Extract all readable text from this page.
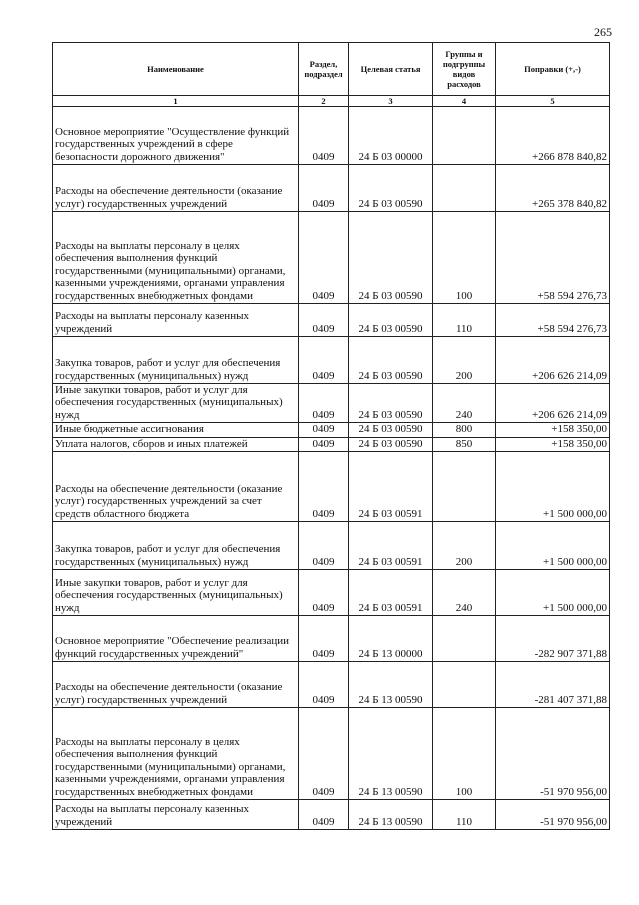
265
Наименование	Раздел, подраздел	Целевая статья	Группы и подгруппы видов расходов	Поправки (+,-)
1	2	3	4	5
Основное мероприятие "Осуществление функций государственных учреждений в сфере безопасности дорожного движения"	0409	24 Б 03 00000		+266 878 840,82
Расходы на обеспечение деятельности (оказание услуг) государственных учреждений	0409	24 Б 03 00590		+265 378 840,82
Расходы на выплаты персоналу в целях обеспечения выполнения функций государственными (муниципальными) органами, казенными учреждениями, органами управления государственных внебюджетных фондами	0409	24 Б 03 00590	100	+58 594 276,73
Расходы на выплаты персоналу казенных учреждений	0409	24 Б 03 00590	110	+58 594 276,73
Закупка товаров, работ и услуг для обеспечения государственных (муниципальных) нужд	0409	24 Б 03 00590	200	+206 626 214,09
Иные закупки товаров, работ и услуг для обеспечения государственных (муниципальных) нужд	0409	24 Б 03 00590	240	+206 626 214,09
Иные бюджетные ассигнования	0409	24 Б 03 00590	800	+158 350,00
Уплата налогов, сборов и иных платежей	0409	24 Б 03 00590	850	+158 350,00
Расходы на обеспечение деятельности (оказание услуг) государственных учреждений за счет средств областного бюджета	0409	24 Б 03 00591		+1 500 000,00
Закупка товаров, работ и услуг для обеспечения государственных (муниципальных) нужд	0409	24 Б 03 00591	200	+1 500 000,00
Иные закупки товаров, работ и услуг для обеспечения государственных (муниципальных) нужд	0409	24 Б 03 00591	240	+1 500 000,00
Основное мероприятие "Обеспечение реализации функций государственных учреждений"	0409	24 Б 13 00000		-282 907 371,88
Расходы на обеспечение деятельности (оказание услуг) государственных учреждений	0409	24 Б 13 00590		-281 407 371,88
Расходы на выплаты персоналу в целях обеспечения выполнения функций государственными (муниципальными) органами, казенными учреждениями, органами управления государственных внебюджетных фондами	0409	24 Б 13 00590	100	-51 970 956,00
Расходы на выплаты персоналу казенных учреждений	0409	24 Б 13 00590	110	-51 970 956,00
